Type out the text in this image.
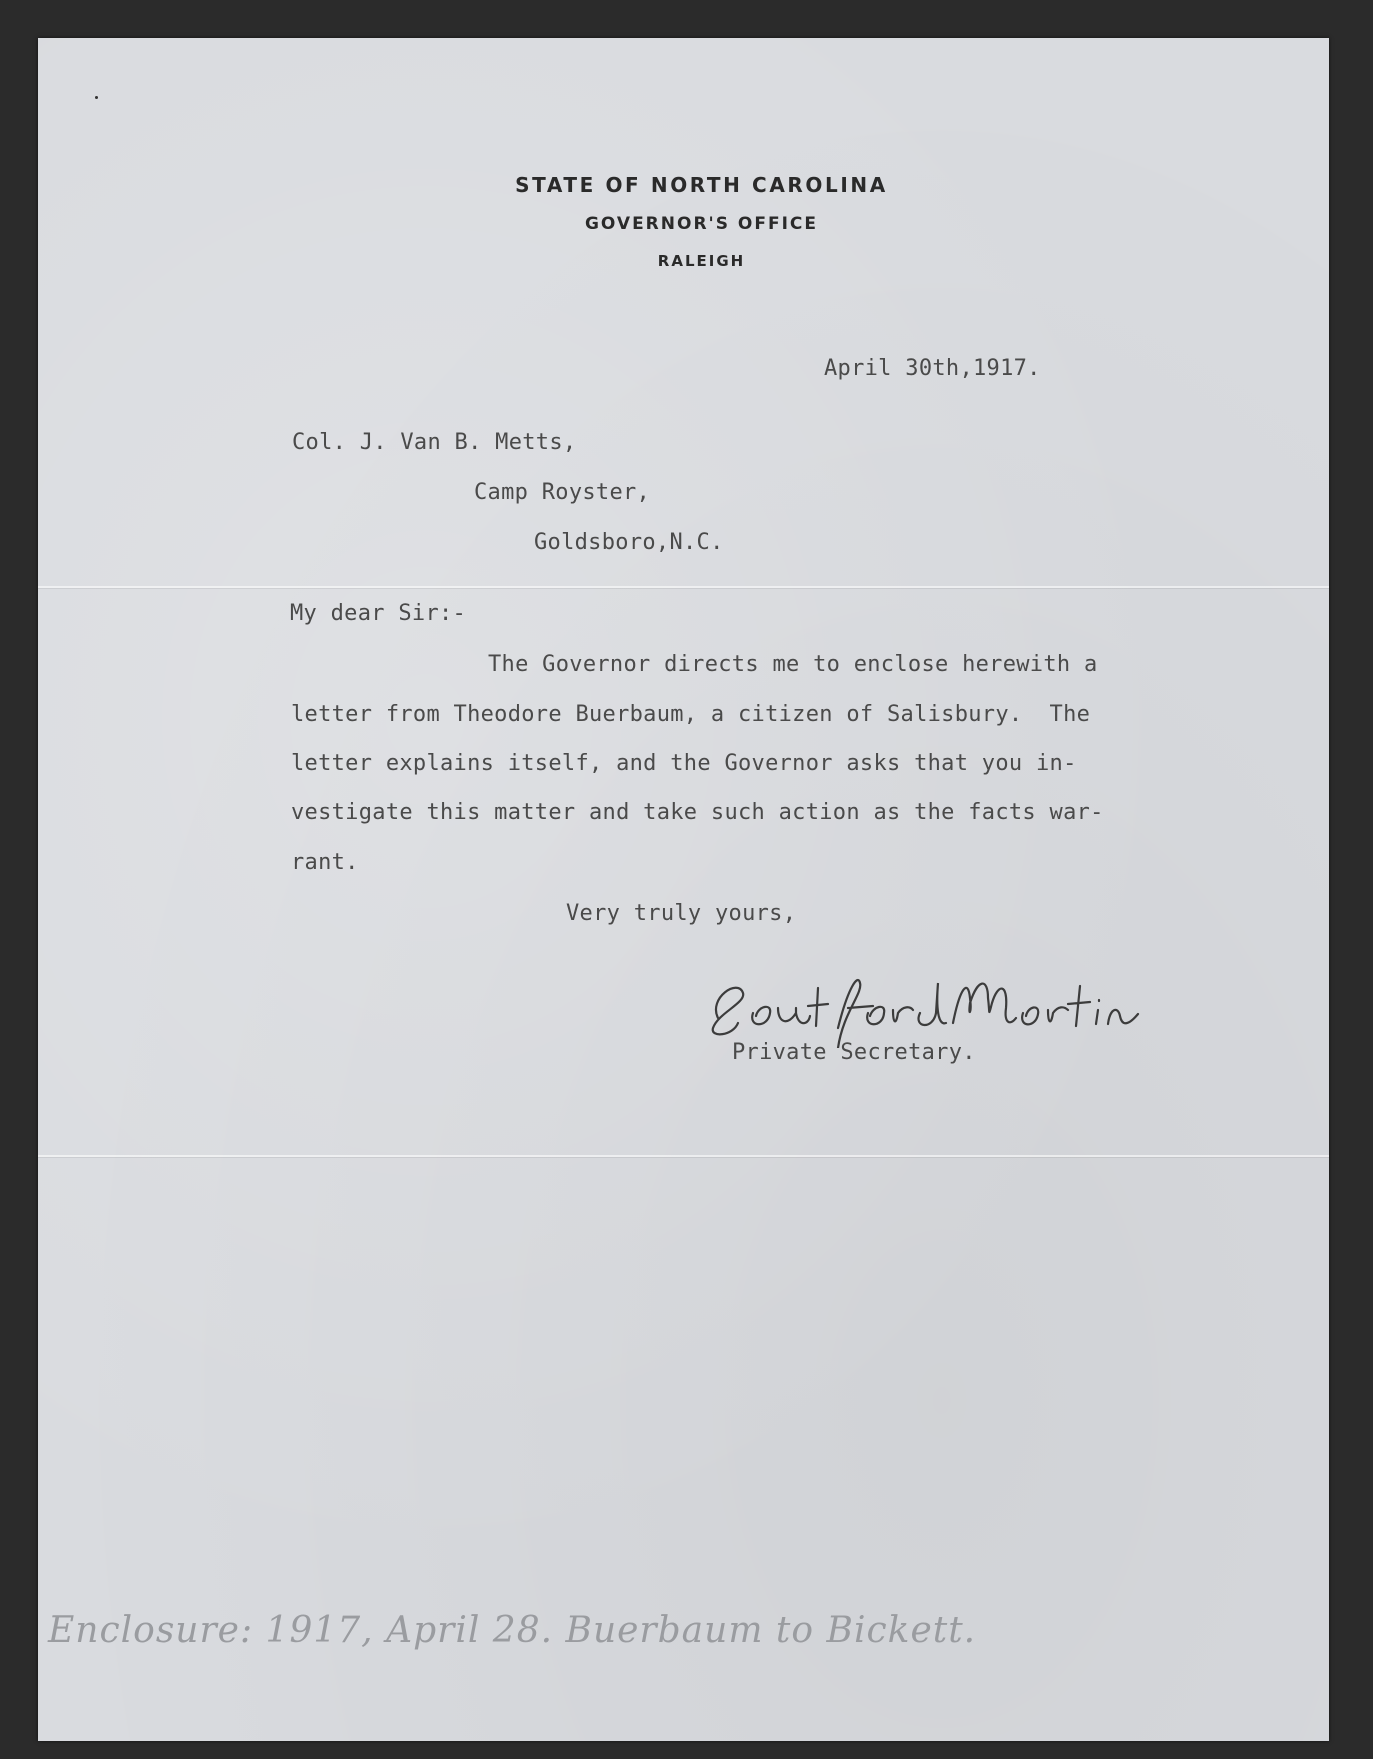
STATE OF NORTH CAROLINA
GOVERNOR'S OFFICE
RALEIGH
April 30th,1917.
Col. J. Van B. Metts,
Camp Royster,
Goldsboro,N.C.
My dear Sir:-
The Governor directs me to enclose herewith a
letter from Theodore Buerbaum, a citizen of Salisbury.  The
letter explains itself, and the Governor asks that you in-
vestigate this matter and take such action as the facts war-
rant.
Very truly yours,
Private Secretary.
Enclosure: 1917, April 28. Buerbaum to Bickett.
